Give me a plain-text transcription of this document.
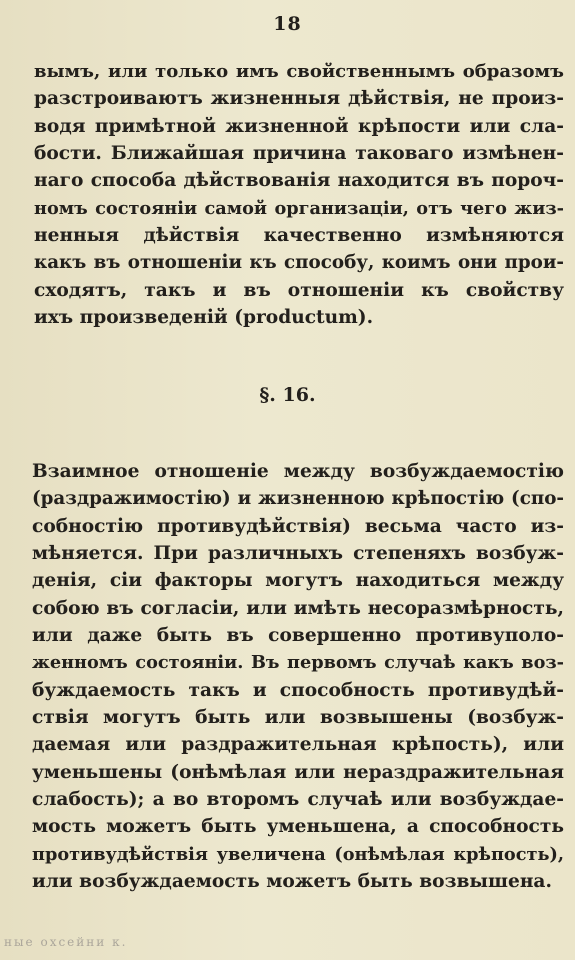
18
вымъ, или только имъ свойственнымъ образомъ
разстроиваютъ жизненныя дѣйствія, не произ-
водя примѣтной жизненной крѣпости или сла-
бости. Ближайшая причина таковаго измѣнен-
наго способа дѣйствованія находится въ пороч-
номъ состояніи самой организаціи, отъ чего жиз-
ненныя дѣйствія качественно измѣняются
какъ въ отношеніи къ способу, коимъ они прои-
сходятъ, такъ и въ отношеніи къ свойству
ихъ произведеній (productum).
§. 16.
Взаимное отношеніе между возбуждаемостію
(раздражимостію) и жизненною крѣпостію (спо-
собностію противудѣйствія) весьма часто из-
мѣняется. При различныхъ степеняхъ возбуж-
денія, сіи факторы могутъ находиться между
собою въ согласіи, или имѣть несоразмѣрность,
или даже быть въ совершенно противуполо-
женномъ состояніи. Въ первомъ случаѣ какъ воз-
буждаемость такъ и способность противудѣй-
ствія могутъ быть или возвышены (возбуж-
даемая или раздражительная крѣпость), или
уменьшены (онѣмѣлая или нераздражительная
слабость); а во второмъ случаѣ или возбуждае-
мость можетъ быть уменьшена, а способность
противудѣйствія увеличена (онѣмѣлая крѣпость),
или возбуждаемость можетъ быть возвышена.
ные охсейни к.
